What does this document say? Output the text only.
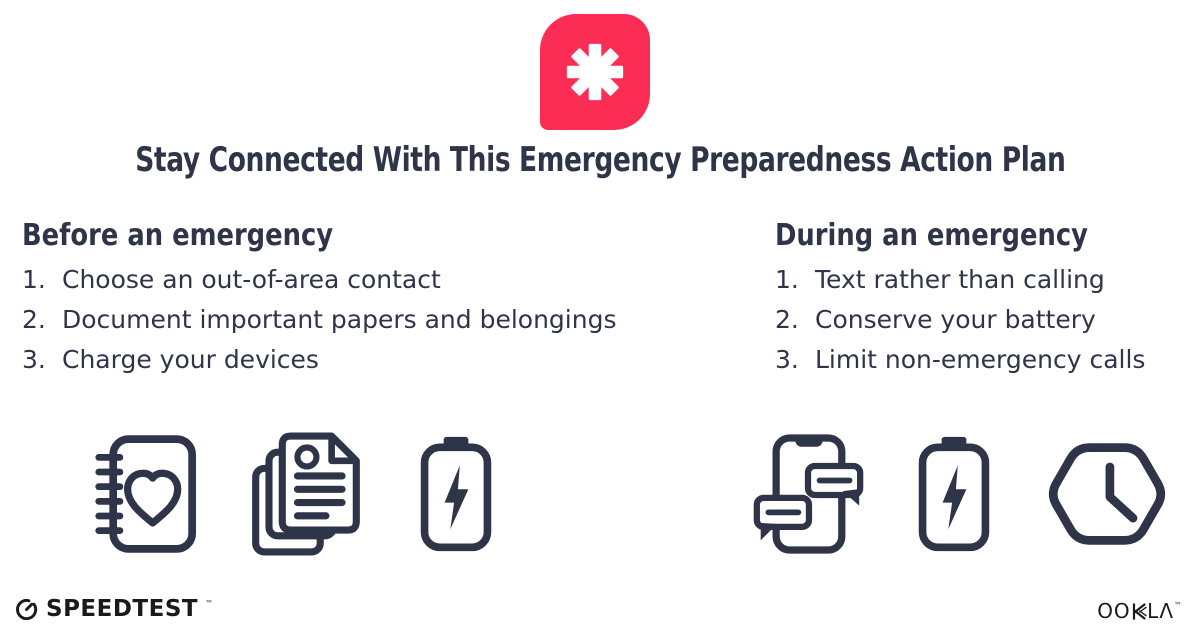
Stay Connected With This Emergency Preparedness Action Plan
Before an emergency
1. Choose an out-of-area contact
2. Document important papers and belongings
3. Charge your devices
During an emergency
1. Text rather than calling
2. Conserve your battery
3. Limit non-emergency calls
SPEEDTEST ™	OO LΛ™
